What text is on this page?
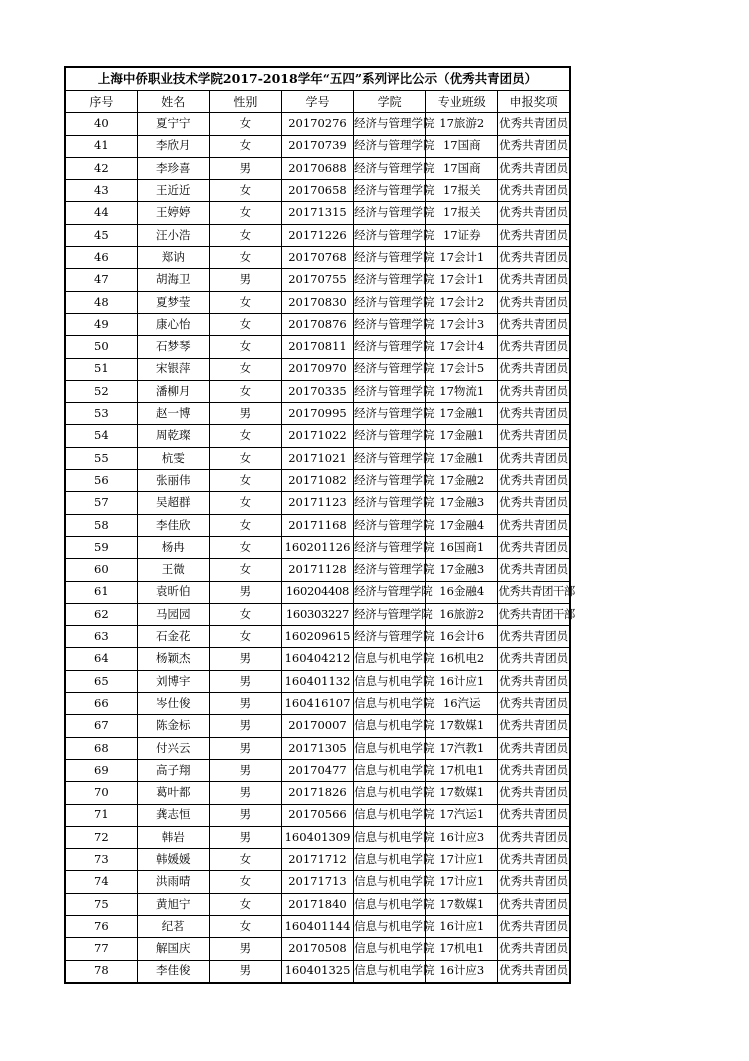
上海中侨职业技术学院2017-2018学年“五四”系列评比公示（优秀共青团员）						
序号	姓名	性别	学号	学院	专业班级	申报奖项
40	夏宁宁	女	20170276	经济与管理学院	17旅游2	优秀共青团员
41	李欣月	女	20170739	经济与管理学院	17国商	优秀共青团员
42	李珍喜	男	20170688	经济与管理学院	17国商	优秀共青团员
43	王近近	女	20170658	经济与管理学院	17报关	优秀共青团员
44	王婷婷	女	20171315	经济与管理学院	17报关	优秀共青团员
45	汪小浩	女	20171226	经济与管理学院	17证券	优秀共青团员
46	郑讷	女	20170768	经济与管理学院	17会计1	优秀共青团员
47	胡海卫	男	20170755	经济与管理学院	17会计1	优秀共青团员
48	夏梦莹	女	20170830	经济与管理学院	17会计2	优秀共青团员
49	康心怡	女	20170876	经济与管理学院	17会计3	优秀共青团员
50	石梦琴	女	20170811	经济与管理学院	17会计4	优秀共青团员
51	宋银萍	女	20170970	经济与管理学院	17会计5	优秀共青团员
52	潘柳月	女	20170335	经济与管理学院	17物流1	优秀共青团员
53	赵一博	男	20170995	经济与管理学院	17金融1	优秀共青团员
54	周乾璨	女	20171022	经济与管理学院	17金融1	优秀共青团员
55	杭雯	女	20171021	经济与管理学院	17金融1	优秀共青团员
56	张丽伟	女	20171082	经济与管理学院	17金融2	优秀共青团员
57	吴超群	女	20171123	经济与管理学院	17金融3	优秀共青团员
58	李佳欣	女	20171168	经济与管理学院	17金融4	优秀共青团员
59	杨冉	女	160201126	经济与管理学院	16国商1	优秀共青团员
60	王微	女	20171128	经济与管理学院	17金融3	优秀共青团员
61	袁昕伯	男	160204408	经济与管理学院	16金融4	优秀共青团干部
62	马园园	女	160303227	经济与管理学院	16旅游2	优秀共青团干部
63	石金花	女	160209615	经济与管理学院	16会计6	优秀共青团员
64	杨颖杰	男	160404212	信息与机电学院	16机电2	优秀共青团员
65	刘博宇	男	160401132	信息与机电学院	16计应1	优秀共青团员
66	岑仕俊	男	160416107	信息与机电学院	16汽运	优秀共青团员
67	陈金标	男	20170007	信息与机电学院	17数媒1	优秀共青团员
68	付兴云	男	20171305	信息与机电学院	17汽教1	优秀共青团员
69	高子翔	男	20170477	信息与机电学院	17机电1	优秀共青团员
70	葛叶都	男	20171826	信息与机电学院	17数媒1	优秀共青团员
71	龚志恒	男	20170566	信息与机电学院	17汽运1	优秀共青团员
72	韩岩	男	160401309	信息与机电学院	16计应3	优秀共青团员
73	韩媛媛	女	20171712	信息与机电学院	17计应1	优秀共青团员
74	洪雨晴	女	20171713	信息与机电学院	17计应1	优秀共青团员
75	黄旭宁	女	20171840	信息与机电学院	17数媒1	优秀共青团员
76	纪茗	女	160401144	信息与机电学院	16计应1	优秀共青团员
77	解国庆	男	20170508	信息与机电学院	17机电1	优秀共青团员
78	李佳俊	男	160401325	信息与机电学院	16计应3	优秀共青团员
